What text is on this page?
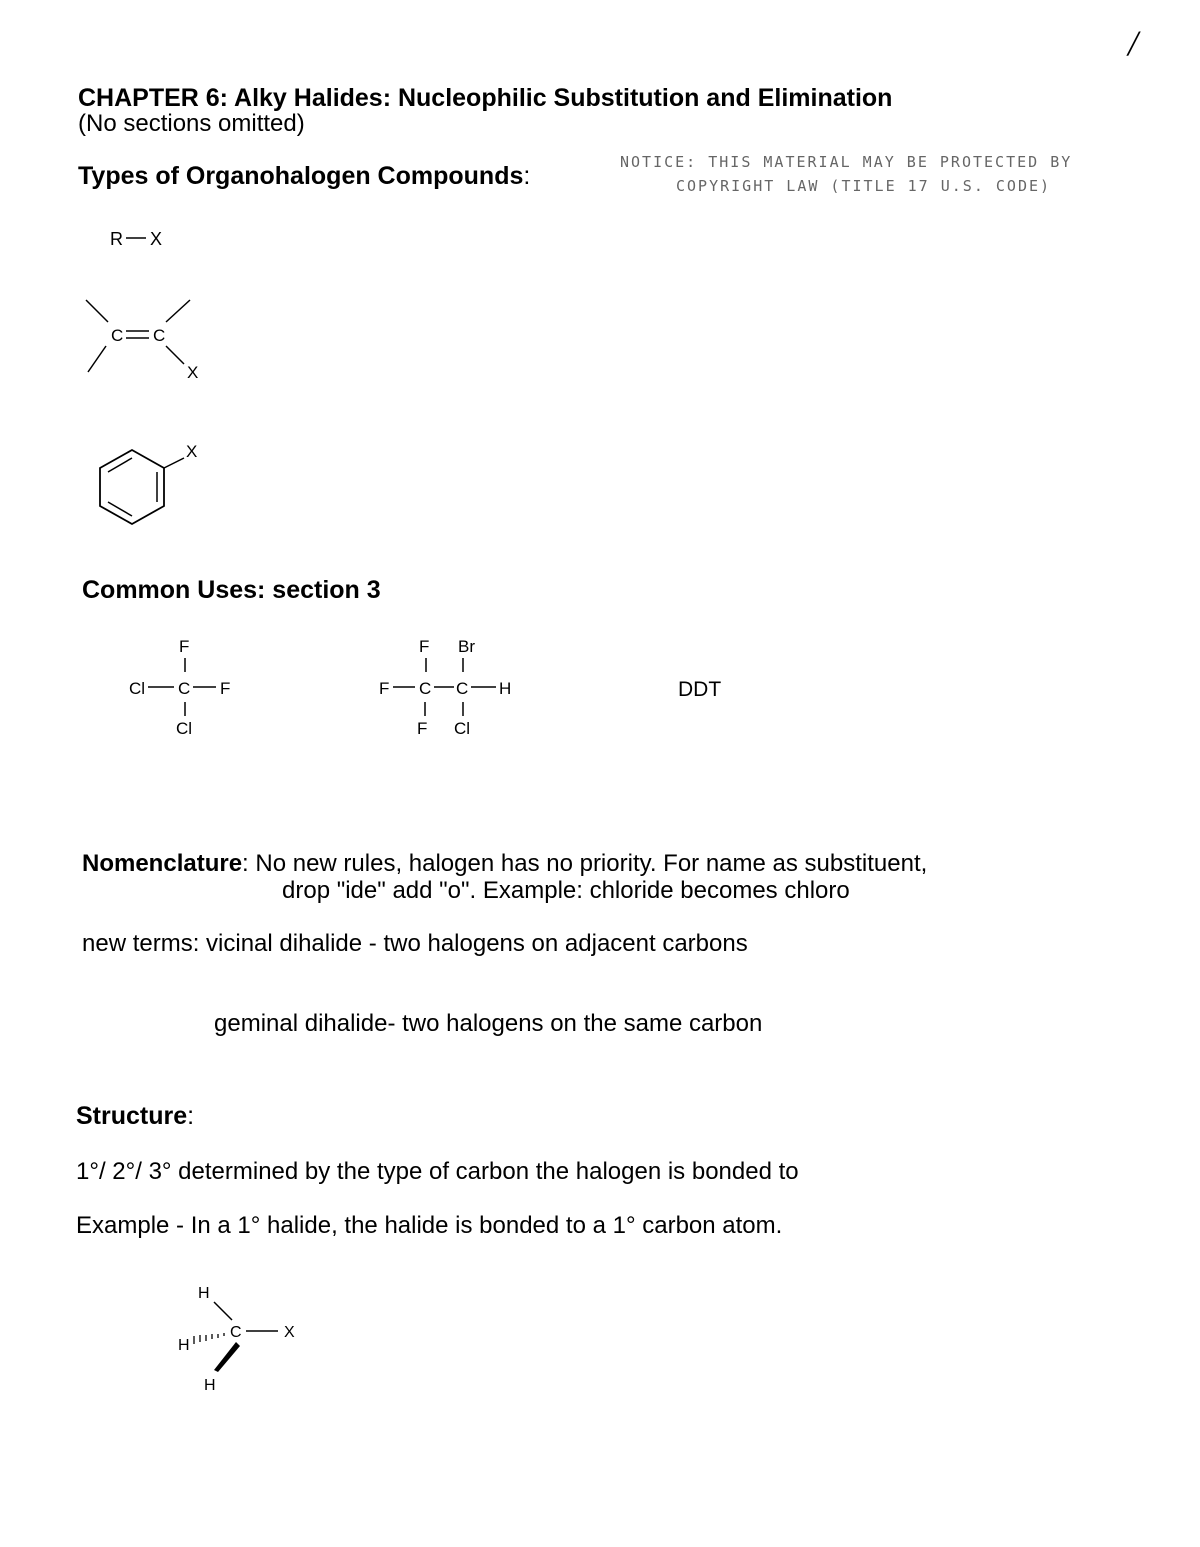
/
CHAPTER 6: Alky Halides: Nucleophilic Substitution and Elimination
(No sections omitted)
Types of Organohalogen Compounds:	NOTICE: THIS MATERIAL MAY BE PROTECTED BY
COPYRIGHT LAW (TITLE 17 U.S. CODE)
R X
C C
X
X
Common Uses: section 3
F
Cl C F
Cl
F Br
F C C H
F Cl
DDT
Nomenclature: No new rules, halogen has no priority. For name as substituent,
drop "ide" add "o". Example: chloride becomes chloro
new terms: vicinal dihalide - two halogens on adjacent carbons
geminal dihalide- two halogens on the same carbon
Structure:
1°/ 2°/ 3° determined by the type of carbon the halogen is bonded to
Example - In a 1° halide, the halide is bonded to a 1° carbon atom.
H
H
C	X
H
